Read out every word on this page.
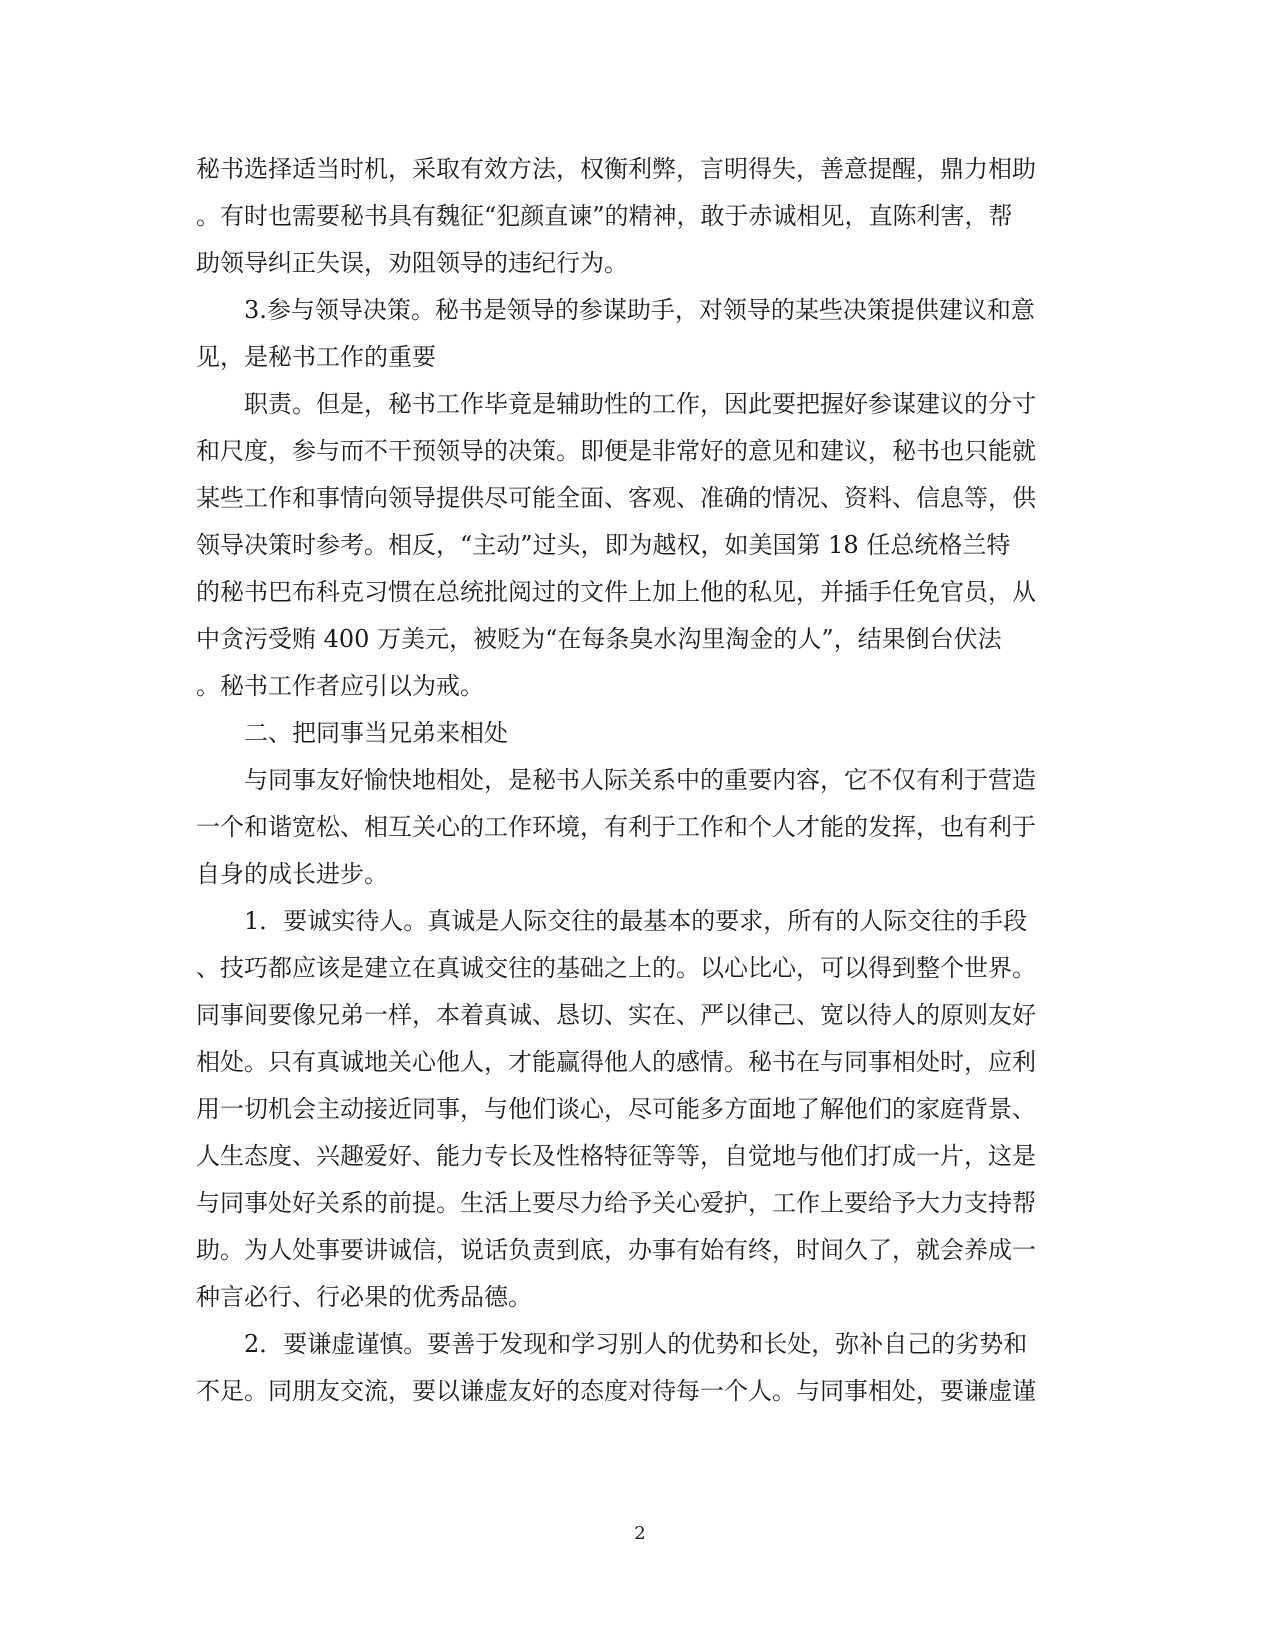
秘书选择适当时机，采取有效方法，权衡利弊，言明得失，善意提醒，鼎力相助
。有时也需要秘书具有魏征“犯颜直谏”的精神，敢于赤诚相见，直陈利害，帮
助领导纠正失误，劝阻领导的违纪行为。
3.参与领导决策。秘书是领导的参谋助手，对领导的某些决策提供建议和意
见，是秘书工作的重要
职责。但是，秘书工作毕竟是辅助性的工作，因此要把握好参谋建议的分寸
和尺度，参与而不干预领导的决策。即便是非常好的意见和建议，秘书也只能就
某些工作和事情向领导提供尽可能全面、客观、准确的情况、资料、信息等，供
领导决策时参考。相反，“主动”过头，即为越权，如美国第 18 任总统格兰特
的秘书巴布科克习惯在总统批阅过的文件上加上他的私见，并插手任免官员，从
中贪污受贿 400 万美元，被贬为“在每条臭水沟里淘金的人”，结果倒台伏法
。秘书工作者应引以为戒。
二、把同事当兄弟来相处
与同事友好愉快地相处，是秘书人际关系中的重要内容，它不仅有利于营造
一个和谐宽松、相互关心的工作环境，有利于工作和个人才能的发挥，也有利于
自身的成长进步。
1．要诚实待人。真诚是人际交往的最基本的要求，所有的人际交往的手段
、技巧都应该是建立在真诚交往的基础之上的。以心比心，可以得到整个世界。
同事间要像兄弟一样，本着真诚、恳切、实在、严以律己、宽以待人的原则友好
相处。只有真诚地关心他人，才能赢得他人的感情。秘书在与同事相处时，应利
用一切机会主动接近同事，与他们谈心，尽可能多方面地了解他们的家庭背景、
人生态度、兴趣爱好、能力专长及性格特征等等，自觉地与他们打成一片，这是
与同事处好关系的前提。生活上要尽力给予关心爱护，工作上要给予大力支持帮
助。为人处事要讲诚信，说话负责到底，办事有始有终，时间久了，就会养成一
种言必行、行必果的优秀品德。
2．要谦虚谨慎。要善于发现和学习别人的优势和长处，弥补自己的劣势和
不足。同朋友交流，要以谦虚友好的态度对待每一个人。与同事相处，要谦虚谨
2
